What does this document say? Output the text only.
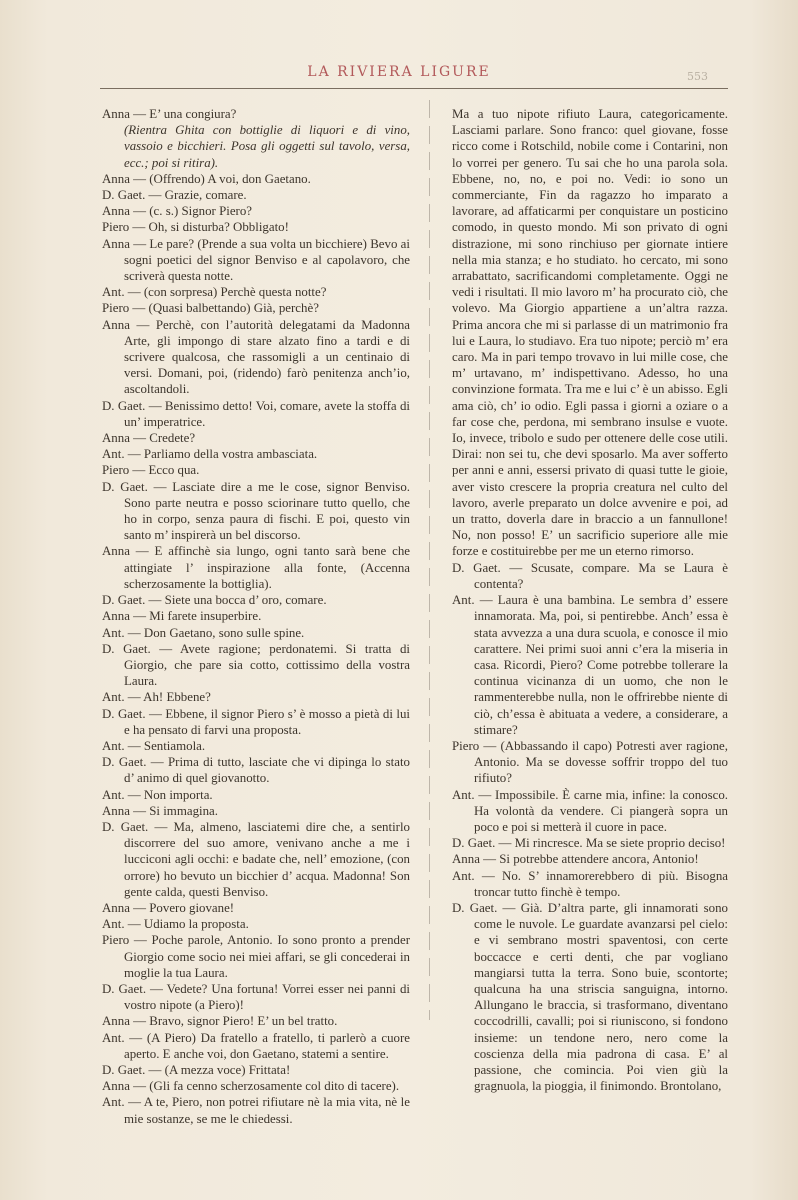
LA RIVIERA LIGURE	553

Anna — E’ una congiura?

(Rientra Ghita con bottiglie di liquori e di vino, vassoio e bicchieri. Posa gli oggetti sul tavolo, versa, ecc.; poi si ritira).

Anna — (Offrendo) A voi, don Gaetano.

D. Gaet. — Grazie, comare.

Anna — (c. s.) Signor Piero?

Piero — Oh, si disturba? Obbligato!

Anna — Le pare? (Prende a sua volta un bicchiere) Bevo ai sogni poetici del signor Benviso e al capolavoro, che scriverà questa notte.

Ant. — (con sorpresa) Perchè questa notte?

Piero — (Quasi balbettando) Già, perchè?

Anna — Perchè, con l’autorità delegatami da Madonna Arte, gli impongo di stare alzato fino a tardi e di scrivere qualcosa, che rassomigli a un centinaio di versi. Domani, poi, (ridendo) farò penitenza anch’io, ascoltandoli.

D. Gaet. — Benissimo detto! Voi, comare, avete la stoffa di un’ imperatrice.

Anna — Credete?

Ant. — Parliamo della vostra ambasciata.

Piero — Ecco qua.

D. Gaet. — Lasciate dire a me le cose, signor Benviso. Sono parte neutra e posso sciorinare tutto quello, che ho in corpo, senza paura di fischi. E poi, questo vin santo m’ inspirerà un bel discorso.

Anna — E affinchè sia lungo, ogni tanto sarà bene che attingiate l’ inspirazione alla fonte, (Accenna scherzosamente la bottiglia).

D. Gaet. — Siete una bocca d’ oro, comare.

Anna — Mi farete insuperbire.

Ant. — Don Gaetano, sono sulle spine.

D. Gaet. — Avete ragione; perdonatemi. Si tratta di Giorgio, che pare sia cotto, cottissimo della vostra Laura.

Ant. — Ah! Ebbene?

D. Gaet. — Ebbene, il signor Piero s’ è mosso a pietà di lui e ha pensato di farvi una proposta.

Ant. — Sentiamola.

D. Gaet. — Prima di tutto, lasciate che vi dipinga lo stato d’ animo di quel giovanotto.

Ant. — Non importa.

Anna — Si immagina.

D. Gaet. — Ma, almeno, lasciatemi dire che, a sentirlo discorrere del suo amore, venivano anche a me i lucciconi agli occhi: e badate che, nell’ emozione, (con orrore) ho bevuto un bicchier d’ acqua. Madonna! Son gente calda, questi Benviso.

Anna — Povero giovane!

Ant. — Udiamo la proposta.

Piero — Poche parole, Antonio. Io sono pronto a prender Giorgio come socio nei miei affari, se gli concederai in moglie la tua Laura.

D. Gaet. — Vedete? Una fortuna! Vorrei esser nei panni di vostro nipote (a Piero)!

Anna — Bravo, signor Piero! E’ un bel tratto.

Ant. — (A Piero) Da fratello a fratello, ti parlerò a cuore aperto. E anche voi, don Gaetano, statemi a sentire.

D. Gaet. — (A mezza voce) Frittata!

Anna — (Gli fa cenno scherzosamente col dito di tacere).

Ant. — A te, Piero, non potrei rifiutare nè la mia vita, nè le mie sostanze, se me le chiedessi.

Ma a tuo nipote rifiuto Laura, categoricamente. Lasciami parlare. Sono franco: quel giovane, fosse ricco come i Rotschild, nobile come i Contarini, non lo vorrei per genero. Tu sai che ho una parola sola. Ebbene, no, no, e poi no. Vedi: io sono un commerciante, Fin da ragazzo ho imparato a lavorare, ad affaticarmi per conquistare un posticino comodo, in questo mondo. Mi son privato di ogni distrazione, mi sono rinchiuso per giornate intiere nella mia stanza; e ho studiato. ho cercato, mi sono arrabattato, sacrificandomi completamente. Oggi ne vedi i risultati. Il mio lavoro m’ ha procurato ciò, che volevo. Ma Giorgio appartiene a un’altra razza. Prima ancora che mi si parlasse di un matrimonio fra lui e Laura, lo studiavo. Era tuo nipote; perciò m’ era caro. Ma in pari tempo trovavo in lui mille cose, che m’ urtavano, m’ indispettivano. Adesso, ho una convinzione formata. Tra me e lui c’ è un abisso. Egli ama ciò, ch’ io odio. Egli passa i giorni a oziare o a far cose che, perdona, mi sembrano insulse e vuote. Io, invece, tribolo e sudo per ottenere delle cose utili. Dirai: non sei tu, che devi sposarlo. Ma aver sofferto per anni e anni, essersi privato di quasi tutte le gioie, aver visto crescere la propria creatura nel culto del lavoro, averle preparato un dolce avvenire e poi, ad un tratto, doverla dare in braccio a un fannullone! No, non posso! E’ un sacrificio superiore alle mie forze e costituirebbe per me un eterno rimorso.

D. Gaet. — Scusate, compare. Ma se Laura è contenta?

Ant. — Laura è una bambina. Le sembra d’ essere innamorata. Ma, poi, si pentirebbe. Anch’ essa è stata avvezza a una dura scuola, e conosce il mio carattere. Nei primi suoi anni c’era la miseria in casa. Ricordi, Piero? Come potrebbe tollerare la continua vicinanza di un uomo, che non le rammenterebbe nulla, non le offrirebbe niente di ciò, ch’essa è abituata a vedere, a considerare, a stimare?

Piero — (Abbassando il capo) Potresti aver ragione, Antonio. Ma se dovesse soffrir troppo del tuo rifiuto?

Ant. — Impossibile. È carne mia, infine: la conosco. Ha volontà da vendere. Ci piangerà sopra un poco e poi si metterà il cuore in pace.

D. Gaet. — Mi rincresce. Ma se siete proprio deciso!

Anna — Si potrebbe attendere ancora, Antonio!

Ant. — No. S’ innamorerebbero di più. Bisogna troncar tutto finchè è tempo.

D. Gaet. — Già. D’altra parte, gli innamorati sono come le nuvole. Le guardate avanzarsi pel cielo: e vi sembrano mostri spaventosi, con certe boccacce e certi denti, che par vogliano mangiarsi tutta la terra. Sono buie, scontorte; qualcuna ha una striscia sanguigna, intorno. Allungano le braccia, si trasformano, diventano coccodrilli, cavalli; poi si riuniscono, si fondono insieme: un tendone nero, nero come la coscienza della mia padrona di casa. E’ al passione, che comincia. Poi vien giù la gragnuola, la pioggia, il finimondo. Brontolano,
